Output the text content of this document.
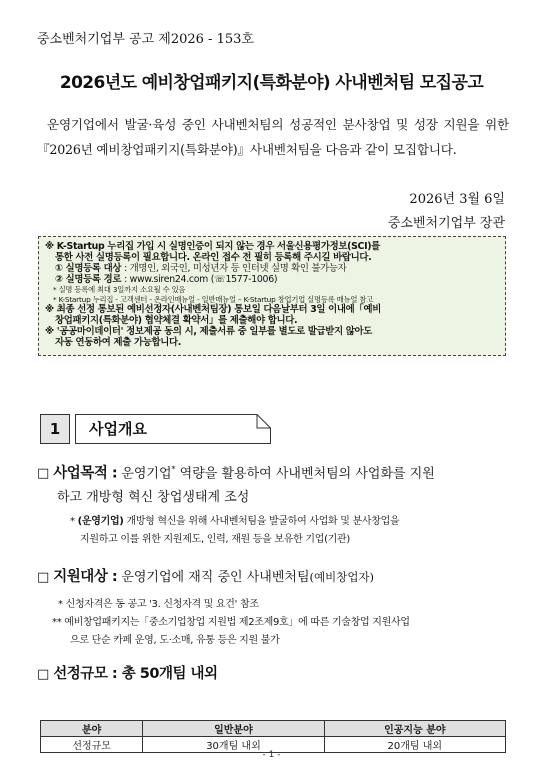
중소벤처기업부 공고 제2026 - 153호
2026년도 예비창업패키지(특화분야) 사내벤처팀 모집공고
운영기업에서 발굴·육성 중인 사내벤처팀의 성공적인 분사창업 및 성장 지원을 위한『2026년 예비창업패키지(특화분야)』사내벤처팀을 다음과 같이 모집합니다.
2026년 3월 6일
중소벤처기업부 장관
※ K-Startup 누리집 가입 시 실명인증이 되지 않는 경우 서울신용평가정보(SCI)를
통한 사전 실명등록이 필요합니다. 온라인 접수 전 필히 등록해 주시길 바랍니다.
① 실명등록 대상 : 개명인, 외국인, 미성년자 등 인터넷 실명 확인 불가능자
② 실명등록 경로 : www.siren24.com (☏1577-1006)
* 실명 등록에 최대 3일까지 소요될 수 있음
* K-Startup 누리집 - 고객센터 - 온라인매뉴얼 - 일반매뉴얼 – K-Startup 창업기업 실명등록 매뉴얼 참고
※ 최종 선정 통보된 예비선정자(사내벤처팀장) 통보일 다음날부터 3일 이내에「예비
창업패키지(특화분야) 협약체결 확약서」를 제출해야 합니다.
※ '공공마이데이터' 정보제공 동의 시, 제출서류 중 일부를 별도로 발급받지 않아도
자동 연동하여 제출 가능합니다.
1	사업개요
□ 사업목적 : 운영기업* 역량을 활용하여 사내벤처팀의 사업화를 지원
하고 개방형 혁신 창업생태계 조성
* (운영기업) 개방형 혁신을 위해 사내벤처팀을 발굴하여 사업화 및 분사창업을
지원하고 이를 위한 지원제도, 인력, 재원 등을 보유한 기업(기관)
□ 지원대상 : 운영기업에 재직 중인 사내벤처팀(예비창업자)
* 신청자격은 동 공고 '3. 신청자격 및 요건' 참조
** 예비창업패키지는「중소기업창업 지원법 제2조제9호」에 따른 기술창업 지원사업
으로 단순 카페 운영, 도·소매, 유통 등은 지원 불가
□ 선정규모 : 총 50개팀 내외
분야	일반분야	인공지능 분야
선정규모	30개팀 내외	20개팀 내외
- 1 -
